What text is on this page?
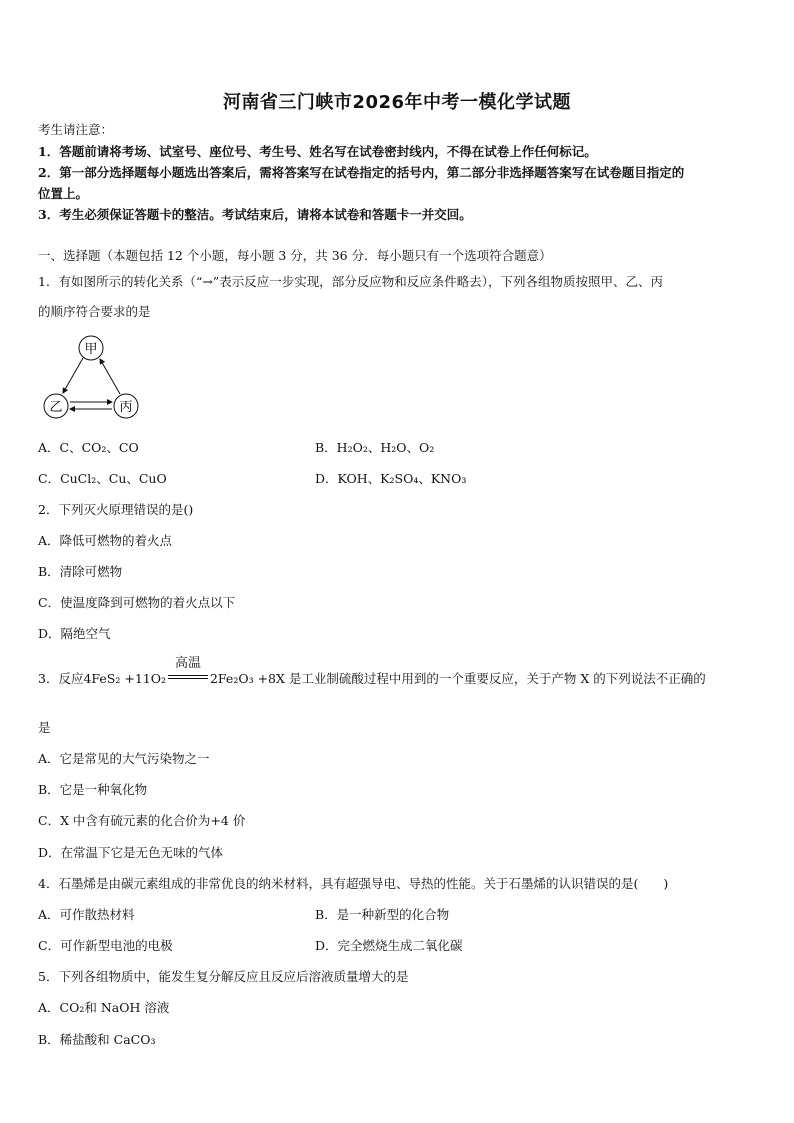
河南省三门峡市2026年中考一模化学试题
考生请注意：
1．答题前请将考场、试室号、座位号、考生号、姓名写在试卷密封线内，不得在试卷上作任何标记。
2．第一部分选择题每小题选出答案后，需将答案写在试卷指定的括号内，第二部分非选择题答案写在试卷题目指定的
位置上。
3．考生必须保证答题卡的整洁。考试结束后，请将本试卷和答题卡一并交回。
一、选择题（本题包括 12 个小题，每小题 3 分，共 36 分．每小题只有一个选项符合题意）
1．有如图所示的转化关系（“→”表示反应一步实现，部分反应物和反应条件略去），下列各组物质按照甲、乙、丙
的顺序符合要求的是
甲
乙	丙
A．C、CO₂、CO	B．H₂O₂、H₂O、O₂
C．CuCl₂、Cu、CuO	D．KOH、K₂SO₄、KNO₃
2．下列灭火原理错误的是()
A．降低可燃物的着火点
B．清除可燃物
C．使温度降到可燃物的着火点以下
D．隔绝空气
3．反应4FeS₂ +11O₂
高温
2Fe₂O₃ +8X 是工业制硫酸过程中用到的一个重要反应，关于产物 X 的下列说法不正确的
是
A．它是常见的大气污染物之一
B．它是一种氧化物
C．X 中含有硫元素的化合价为+4 价
D．在常温下它是无色无味的气体
4．石墨烯是由碳元素组成的非常优良的纳米材料，具有超强导电、导热的性能。关于石墨烯的认识错误的是(　　)
A．可作散热材料	B．是一种新型的化合物
C．可作新型电池的电极	D．完全燃烧生成二氧化碳
5．下列各组物质中，能发生复分解反应且反应后溶液质量增大的是
A．CO₂和 NaOH 溶液
B．稀盐酸和 CaCO₃
